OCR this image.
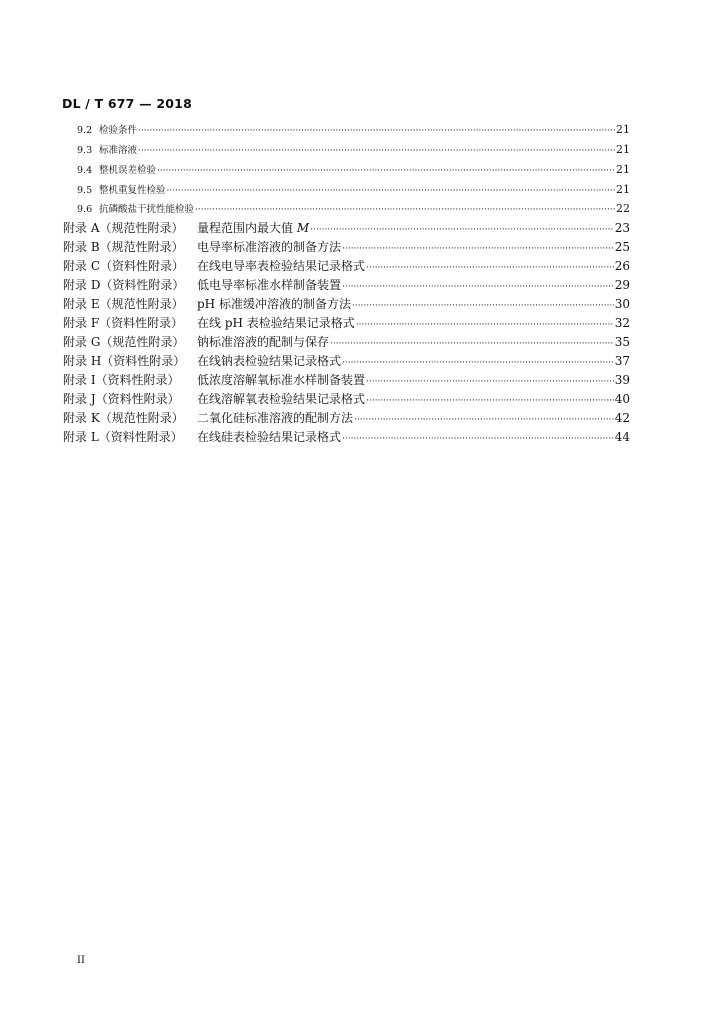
DL / T 677 — 2018
9.2 检验条件 ·····	21
9.3 标准溶液 ·····	21
9.4 整机误差检验 ·····	21
9.5 整机重复性检验 ·····	21
9.6 抗磷酸盐干扰性能检验 ·····	22
附录 A（规范性附录）	量程范围内最大值 M ·····	23
附录 B（规范性附录）	电导率标准溶液的制备方法 ·····	25
附录 C（资料性附录）	在线电导率表检验结果记录格式 ·····	26
附录 D（资料性附录）	低电导率标准水样制备装置 ·····	29
附录 E（规范性附录）	pH 标准缓冲溶液的制备方法 ·····	30
附录 F（资料性附录）	在线 pH 表检验结果记录格式 ·····	32
附录 G（规范性附录）	钠标准溶液的配制与保存 ·····	35
附录 H（资料性附录） 在线钠表检验结果记录格式 ·····	37
附录 I（资料性附录）	低浓度溶解氧标准水样制备装置 ·····	39
附录 J（资料性附录）	在线溶解氧表检验结果记录格式 ·····	40
附录 K（规范性附录）	二氧化硅标准溶液的配制方法 ·····	42
附录 L（资料性附录）	在线硅表检验结果记录格式 ·····	44
II
